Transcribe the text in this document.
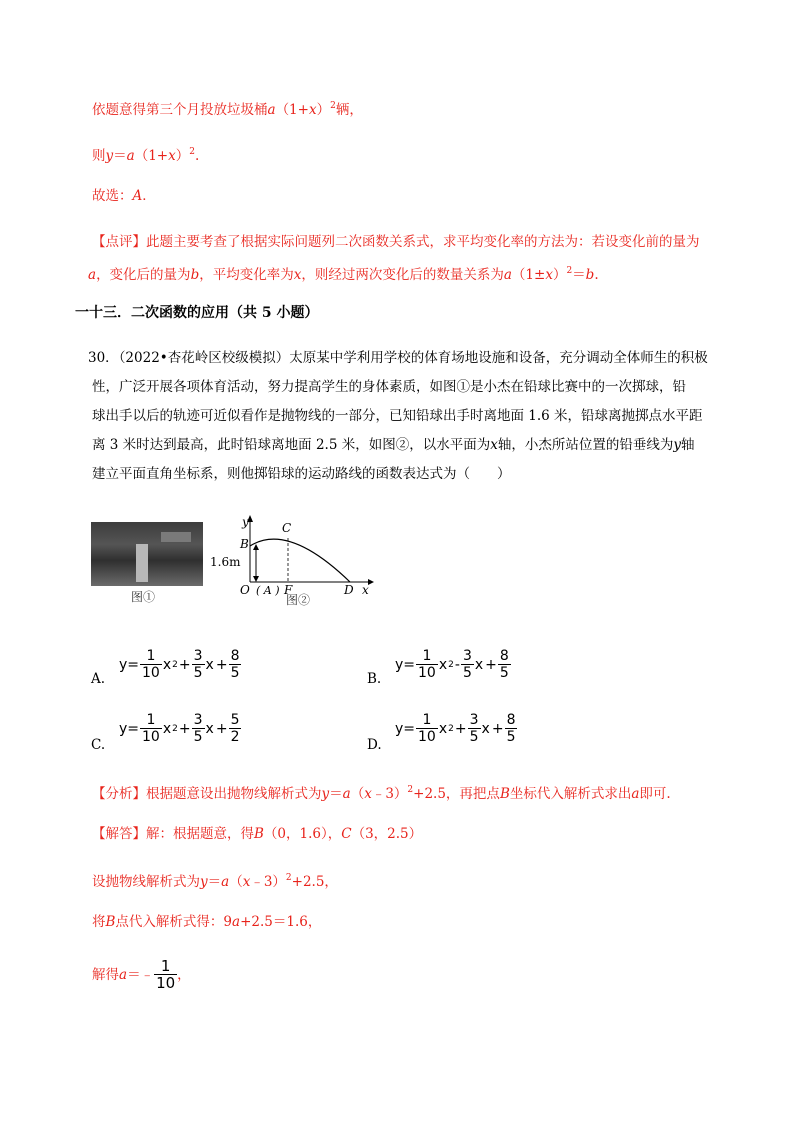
依题意得第三个月投放垃圾桶$a(1+x)^2$辆，
则$y=a(1+x)^2$.
故选：A．
【点评】此题主要考查了根据实际问题列二次函数关系式，求平均变化率的方法为：若设变化前的量为
a，变化后的量为b，平均变化率为x，则经过两次变化后的数量关系为$a(1\pm x)^2=b$.
一十三．二次函数的应用（共 5 小题）
30．（2022•杏花岭区校级模拟）太原某中学利用学校的体育场地设施和设备，充分调动全体师生的积极
性，广泛开展各项体育活动，努力提高学生的身体素质，如图①是小杰在铅球比赛中的一次掷球，铅
球出手以后的轨迹可近似看作是抛物线的一部分，已知铅球出手时离地面 1.6 米，铅球离抛掷点水平距
离 3 米时达到最高，此时铅球离地面 2.5 米，如图②，以水平面为x轴，小杰所站位置的铅垂线为y轴
建立平面直角坐标系，则他掷铅球的运动路线的函数表达式为（　　）
图①
y	C
B
1.6m
O ( A ) F	D x
图②
A.
$y= \frac{1}{10}$ x $2 + \frac{3}{5}$ $x + \frac{8}{5}$	B.
$y= \frac{1}{10}$ x $2 - \frac{3}{5}$ $x + \frac{8}{5}$
C.
$y= \frac{1}{10}$ x $2 + \frac{3}{5}$ $x + \frac{5}{2}$	D.
$y= \frac{1}{10}$ x $2 + \frac{3}{5}$ $x + \frac{8}{5}$
【分析】根据题意设出抛物线解析式为y＝a（x﹣3）$^2$+2.5，再把点B坐标代入解析式求出a即可.
【解答】解：根据题意，得B（0，1.6），C（3，2.5）
设抛物线解析式为y＝a（x﹣3）$^2$+2.5，
将B点代入解析式得：9a+2.5＝1.6，
解得 a ＝﹣ $\frac{1}{10}$ ，
